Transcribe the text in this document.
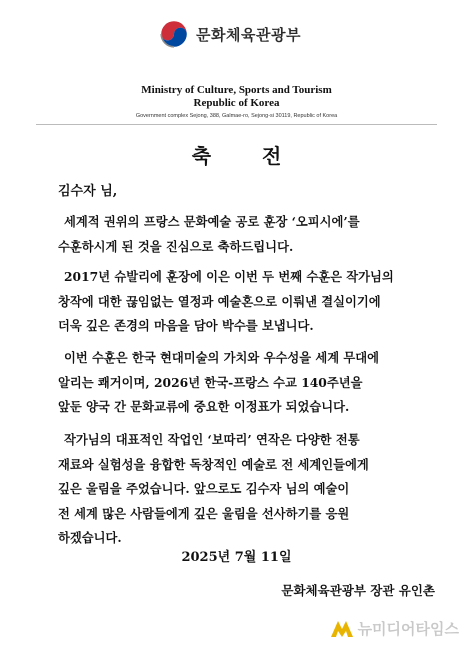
문화체육관광부
Ministry of Culture, Sports and Tourism
Republic of Korea
Government complex Sejong, 388, Galmae-ro, Sejong-si 30119, Republic of Korea
축 전
김수자 님,
세계적 권위의 프랑스 문화예술 공로 훈장 ‘오피시에’를
수훈하시게 된 것을 진심으로 축하드립니다.
2017년 슈발리에 훈장에 이은 이번 두 번째 수훈은 작가님의
창작에 대한 끊임없는 열정과 예술혼으로 이뤄낸 결실이기에
더욱 깊은 존경의 마음을 담아 박수를 보냅니다.
이번 수훈은 한국 현대미술의 가치와 우수성을 세계 무대에
알리는 쾌거이며, 2026년 한국-프랑스 수교 140주년을
앞둔 양국 간 문화교류에 중요한 이정표가 되었습니다.
작가님의 대표적인 작업인 ‘보따리’ 연작은 다양한 전통
재료와 실험성을 융합한 독창적인 예술로 전 세계인들에게
깊은 울림을 주었습니다. 앞으로도 김수자 님의 예술이
전 세계 많은 사람들에게 깊은 울림을 선사하기를 응원
하겠습니다.
2025년 7월 11일
문화체육관광부 장관 유인촌
뉴미디어타임스
